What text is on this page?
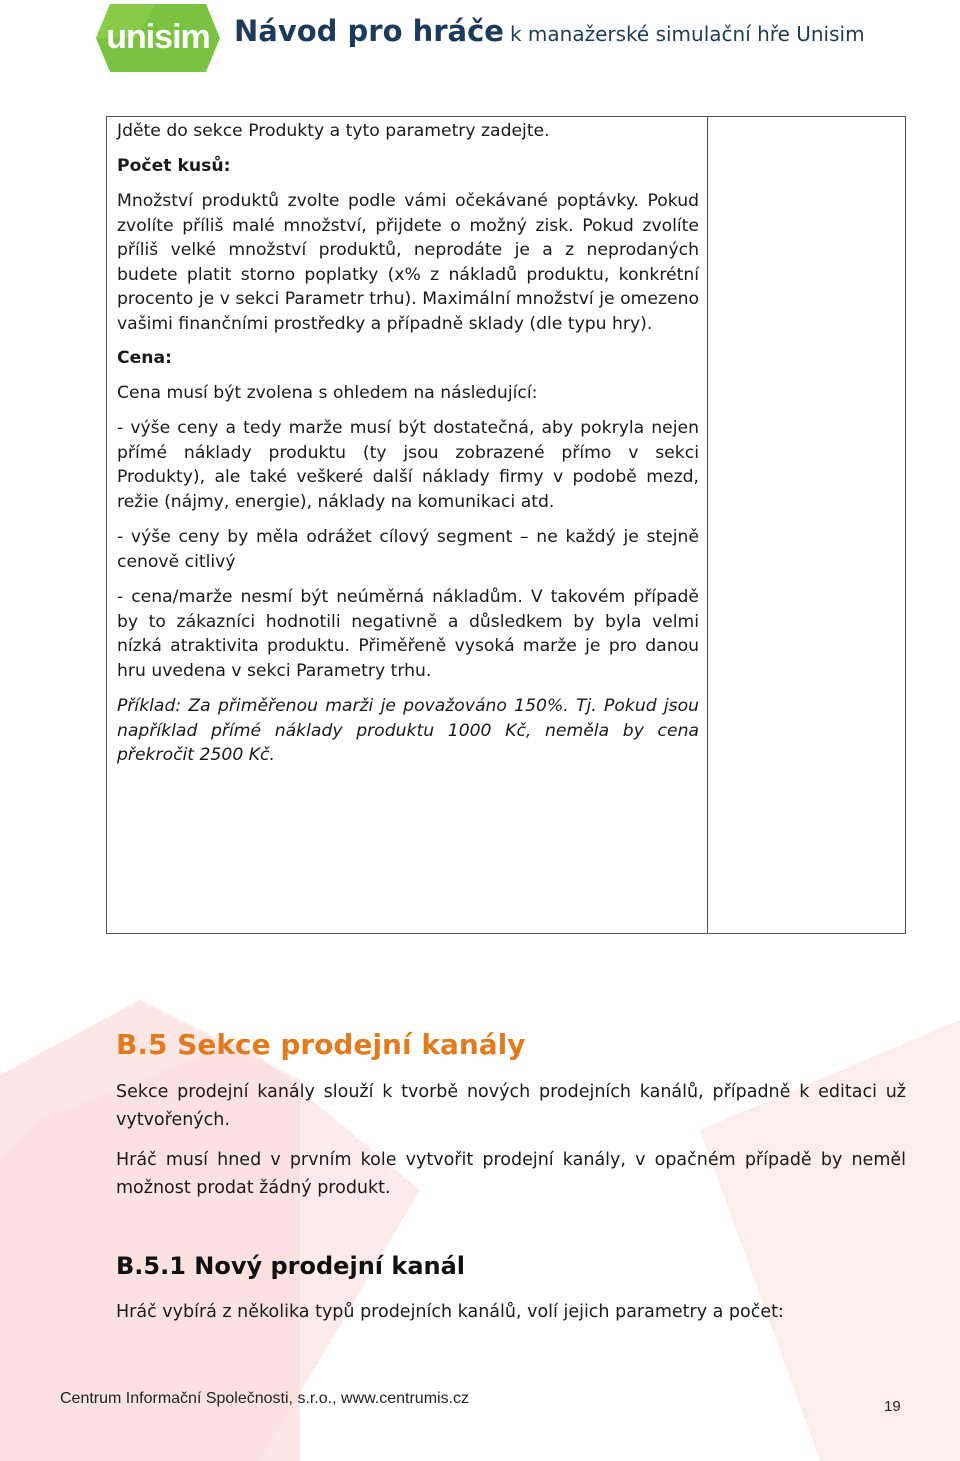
unisim Návod pro hráče k manažerské simulační hře Unisim

Jděte do sekce Produkty a tyto parametry zadejte.

Počet kusů:

Množství produktů zvolte podle vámi očekávané poptávky. Pokud zvolíte příliš malé množství, přijdete o možný zisk. Pokud zvolíte příliš velké množství produktů, neprodáte je a z neprodaných budete platit storno poplatky (x% z nákladů produktu, konkrétní procento je v sekci Parametr trhu). Maximální množství je omezeno vašimi finančními prostředky a případně sklady (dle typu hry).

Cena:

Cena musí být zvolena s ohledem na následující:

- výše ceny a tedy marže musí být dostatečná, aby pokryla nejen přímé náklady produktu (ty jsou zobrazené přímo v sekci Produkty), ale také veškeré další náklady firmy v podobě mezd, režie (nájmy, energie), náklady na komunikaci atd.

- výše ceny by měla odrážet cílový segment – ne každý je stejně cenově citlivý

- cena/marže nesmí být neúměrná nákladům. V takovém případě by to zákazníci hodnotili negativně a důsledkem by byla velmi nízká atraktivita produktu. Přiměřeně vysoká marže je pro danou hru uvedena v sekci Parametry trhu.

Příklad: Za přiměřenou marži je považováno 150%. Tj. Pokud jsou například přímé náklady produktu 1000 Kč, neměla by cena překročit 2500 Kč.

B.5 Sekce prodejní kanály

Sekce prodejní kanály slouží k tvorbě nových prodejních kanálů, případně k editaci už vytvořených.

Hráč musí hned v prvním kole vytvořit prodejní kanály, v opačném případě by neměl možnost prodat žádný produkt.

B.5.1 Nový prodejní kanál

Hráč vybírá z několika typů prodejních kanálů, volí jejich parametry a počet:

Centrum Informační Společnosti, s.r.o., www.centrumis.cz	19
